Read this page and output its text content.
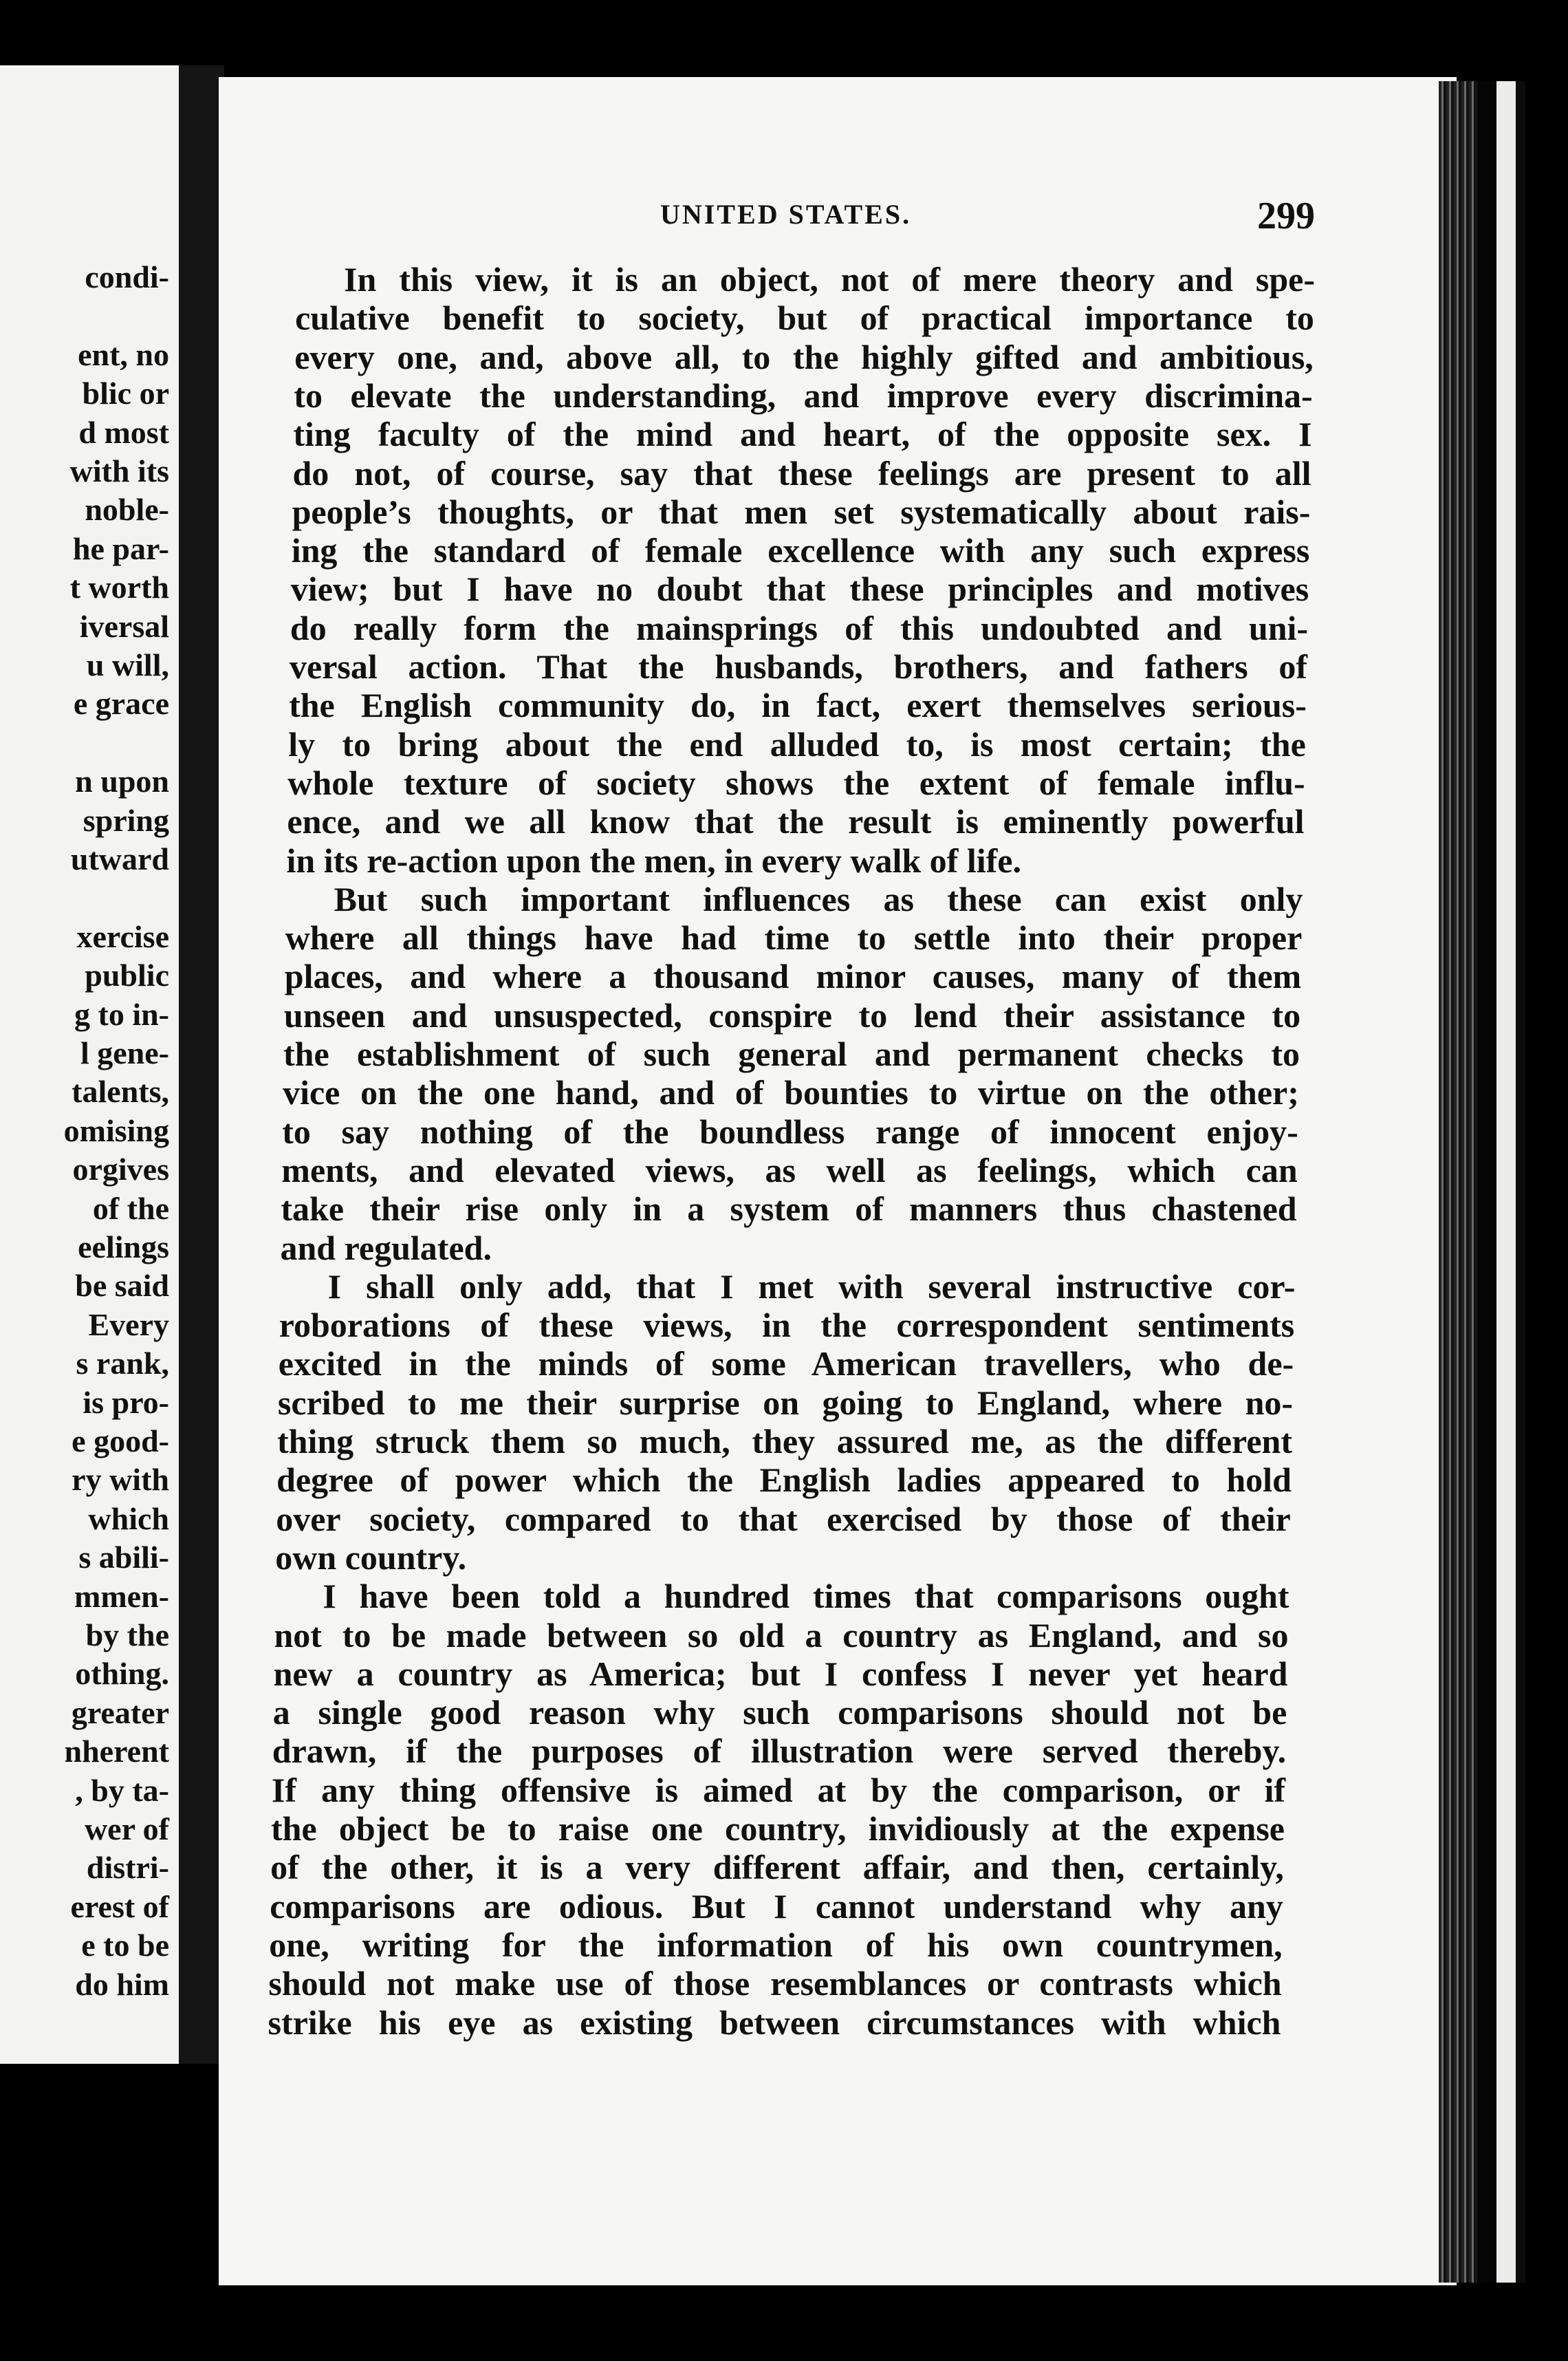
condi-
ent, no
blic or
d most
with its
noble-
he par-
t worth
iversal
u will,
e grace
n upon
spring
utward
xercise
public
g to in-
l gene-
talents,
omising
orgives
of the
eelings
be said
Every
s rank,
is pro-
e good-
ry with
which
s abili-
mmen-
by the
othing.
greater
nherent
, by ta-
wer of
distri-
erest of
e to be
do him
UNITED STATES.	299
In this view, it is an object, not of mere theory and spe-
culative benefit to society, but of practical importance to
every one, and, above all, to the highly gifted and ambitious,
to elevate the understanding, and improve every discrimina-
ting faculty of the mind and heart, of the opposite sex. I
do not, of course, say that these feelings are present to all
people’s thoughts, or that men set systematically about rais-
ing the standard of female excellence with any such express
view; but I have no doubt that these principles and motives
do really form the mainsprings of this undoubted and uni-
versal action. That the husbands, brothers, and fathers of
the English community do, in fact, exert themselves serious-
ly to bring about the end alluded to, is most certain; the
whole texture of society shows the extent of female influ-
ence, and we all know that the result is eminently powerful
in its re-action upon the men, in every walk of life.
But such important influences as these can exist only
where all things have had time to settle into their proper
places, and where a thousand minor causes, many of them
unseen and unsuspected, conspire to lend their assistance to
the establishment of such general and permanent checks to
vice on the one hand, and of bounties to virtue on the other;
to say nothing of the boundless range of innocent enjoy-
ments, and elevated views, as well as feelings, which can
take their rise only in a system of manners thus chastened
and regulated.
I shall only add, that I met with several instructive cor-
roborations of these views, in the correspondent sentiments
excited in the minds of some American travellers, who de-
scribed to me their surprise on going to England, where no-
thing struck them so much, they assured me, as the different
degree of power which the English ladies appeared to hold
over society, compared to that exercised by those of their
own country.
I have been told a hundred times that comparisons ought
not to be made between so old a country as England, and so
new a country as America; but I confess I never yet heard
a single good reason why such comparisons should not be
drawn, if the purposes of illustration were served thereby.
If any thing offensive is aimed at by the comparison, or if
the object be to raise one country, invidiously at the expense
of the other, it is a very different affair, and then, certainly,
comparisons are odious. But I cannot understand why any
one, writing for the information of his own countrymen,
should not make use of those resemblances or contrasts which
strike his eye as existing between circumstances with which
